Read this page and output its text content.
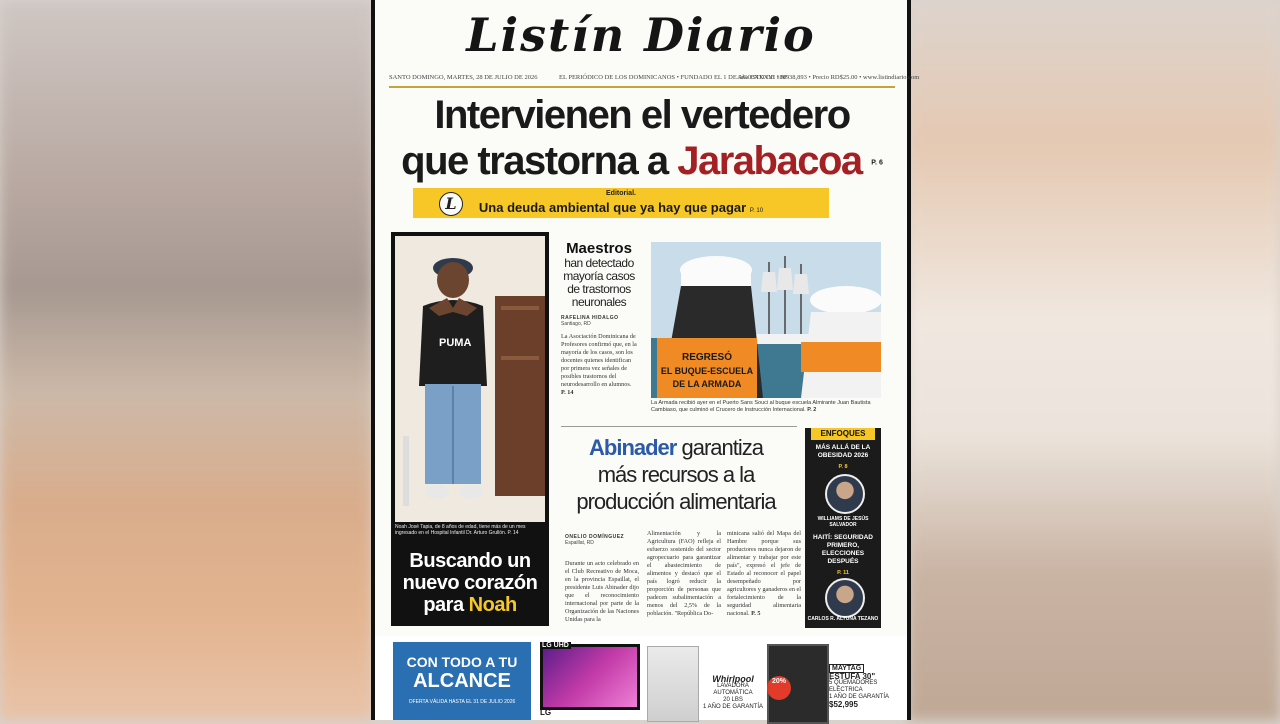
Listín Diario
SANTO DOMINGO, MARTES, 28 DE JULIO DE 2026	EL PERIÓDICO DE LOS DOMINICANOS • FUNDADO EL 1 DE AGOSTO DE 1889
Año CXXXVI • Nº 38,893 • Precio RD$25.00 • www.listindiario.com
Intervienen el vertedero
que trastorna a Jarabacoa P. 6
L
Editorial.
Una deuda ambiental que ya hay que pagar P. 10
PUMA
Noah José Tapia, de 8 años de edad, tiene más de un mes ingresado en el Hospital Infantil Dr. Arturo Grullón. P. 14
Buscando un
nuevo corazón
para Noah
Maestros
han detectado mayoría casos de trastornos neuronales
RAFELINA HIDALGO
Santiago, RD
La Asociación Dominicana de Profesores confirmó que, en la mayoría de los casos, son los docentes quienes identifican por primera vez señales de posibles trastornos del neurodesarrollo en alumnos. P. 14
REGRESÓ
EL BUQUE-ESCUELA
DE LA ARMADA
La Armada recibió ayer en el Puerto Sans Souci al buque escuela Almirante Juan Bautista Cambiaso, que culminó el Crucero de Instrucción Internacional. P. 2
Abinader garantiza
más recursos a la
producción alimentaria
ONELIO DOMÍNGUEZ
Espaillat, RD
Durante un acto celebrado en el Club Recreativo de Moca, en la provincia Espaillat, el presidente Luis Abinader dijo que el reconocimiento internacional por parte de la Organización de las Naciones Unidas para la
Alimentación y la Agricultura (FAO) refleja el esfuerzo sostenido del sector agropecuario para garantizar el abastecimiento de alimentos y destacó que el país logró reducir la proporción de personas que padecen subalimentación a menos del 2,5% de la población. "República Do-
minicana salió del Mapa del Hambre porque sus productores nunca dejaron de alimentar y trabajar por este país", expresó el jefe de Estado al reconocer el papel desempeñado por agricultores y ganaderos en el fortalecimiento de la seguridad alimentaria nacional. P. 5
ENFOQUES
MÁS ALLÁ DE LA OBESIDAD 2026
P. 8
WILLIAMS DE JESÚS SALVADOR
HAITÍ: SEGURIDAD PRIMERO, ELECCIONES DESPUÉS
P. 11
CARLOS R. ALTUNA TEZANO
CON TODO A TU
ALCANCE
OFERTA VÁLIDA HASTA EL 31 DE JULIO 2026
LG UHD
LG
Whirlpool
LAVADORA
AUTOMÁTICA
20 LBS
1 AÑO DE GARANTÍA
20%
MAYTAG
ESTUFA 30"
5 QUEMADORES
ELÉCTRICA
1 AÑO DE GARANTÍA
$52,995
